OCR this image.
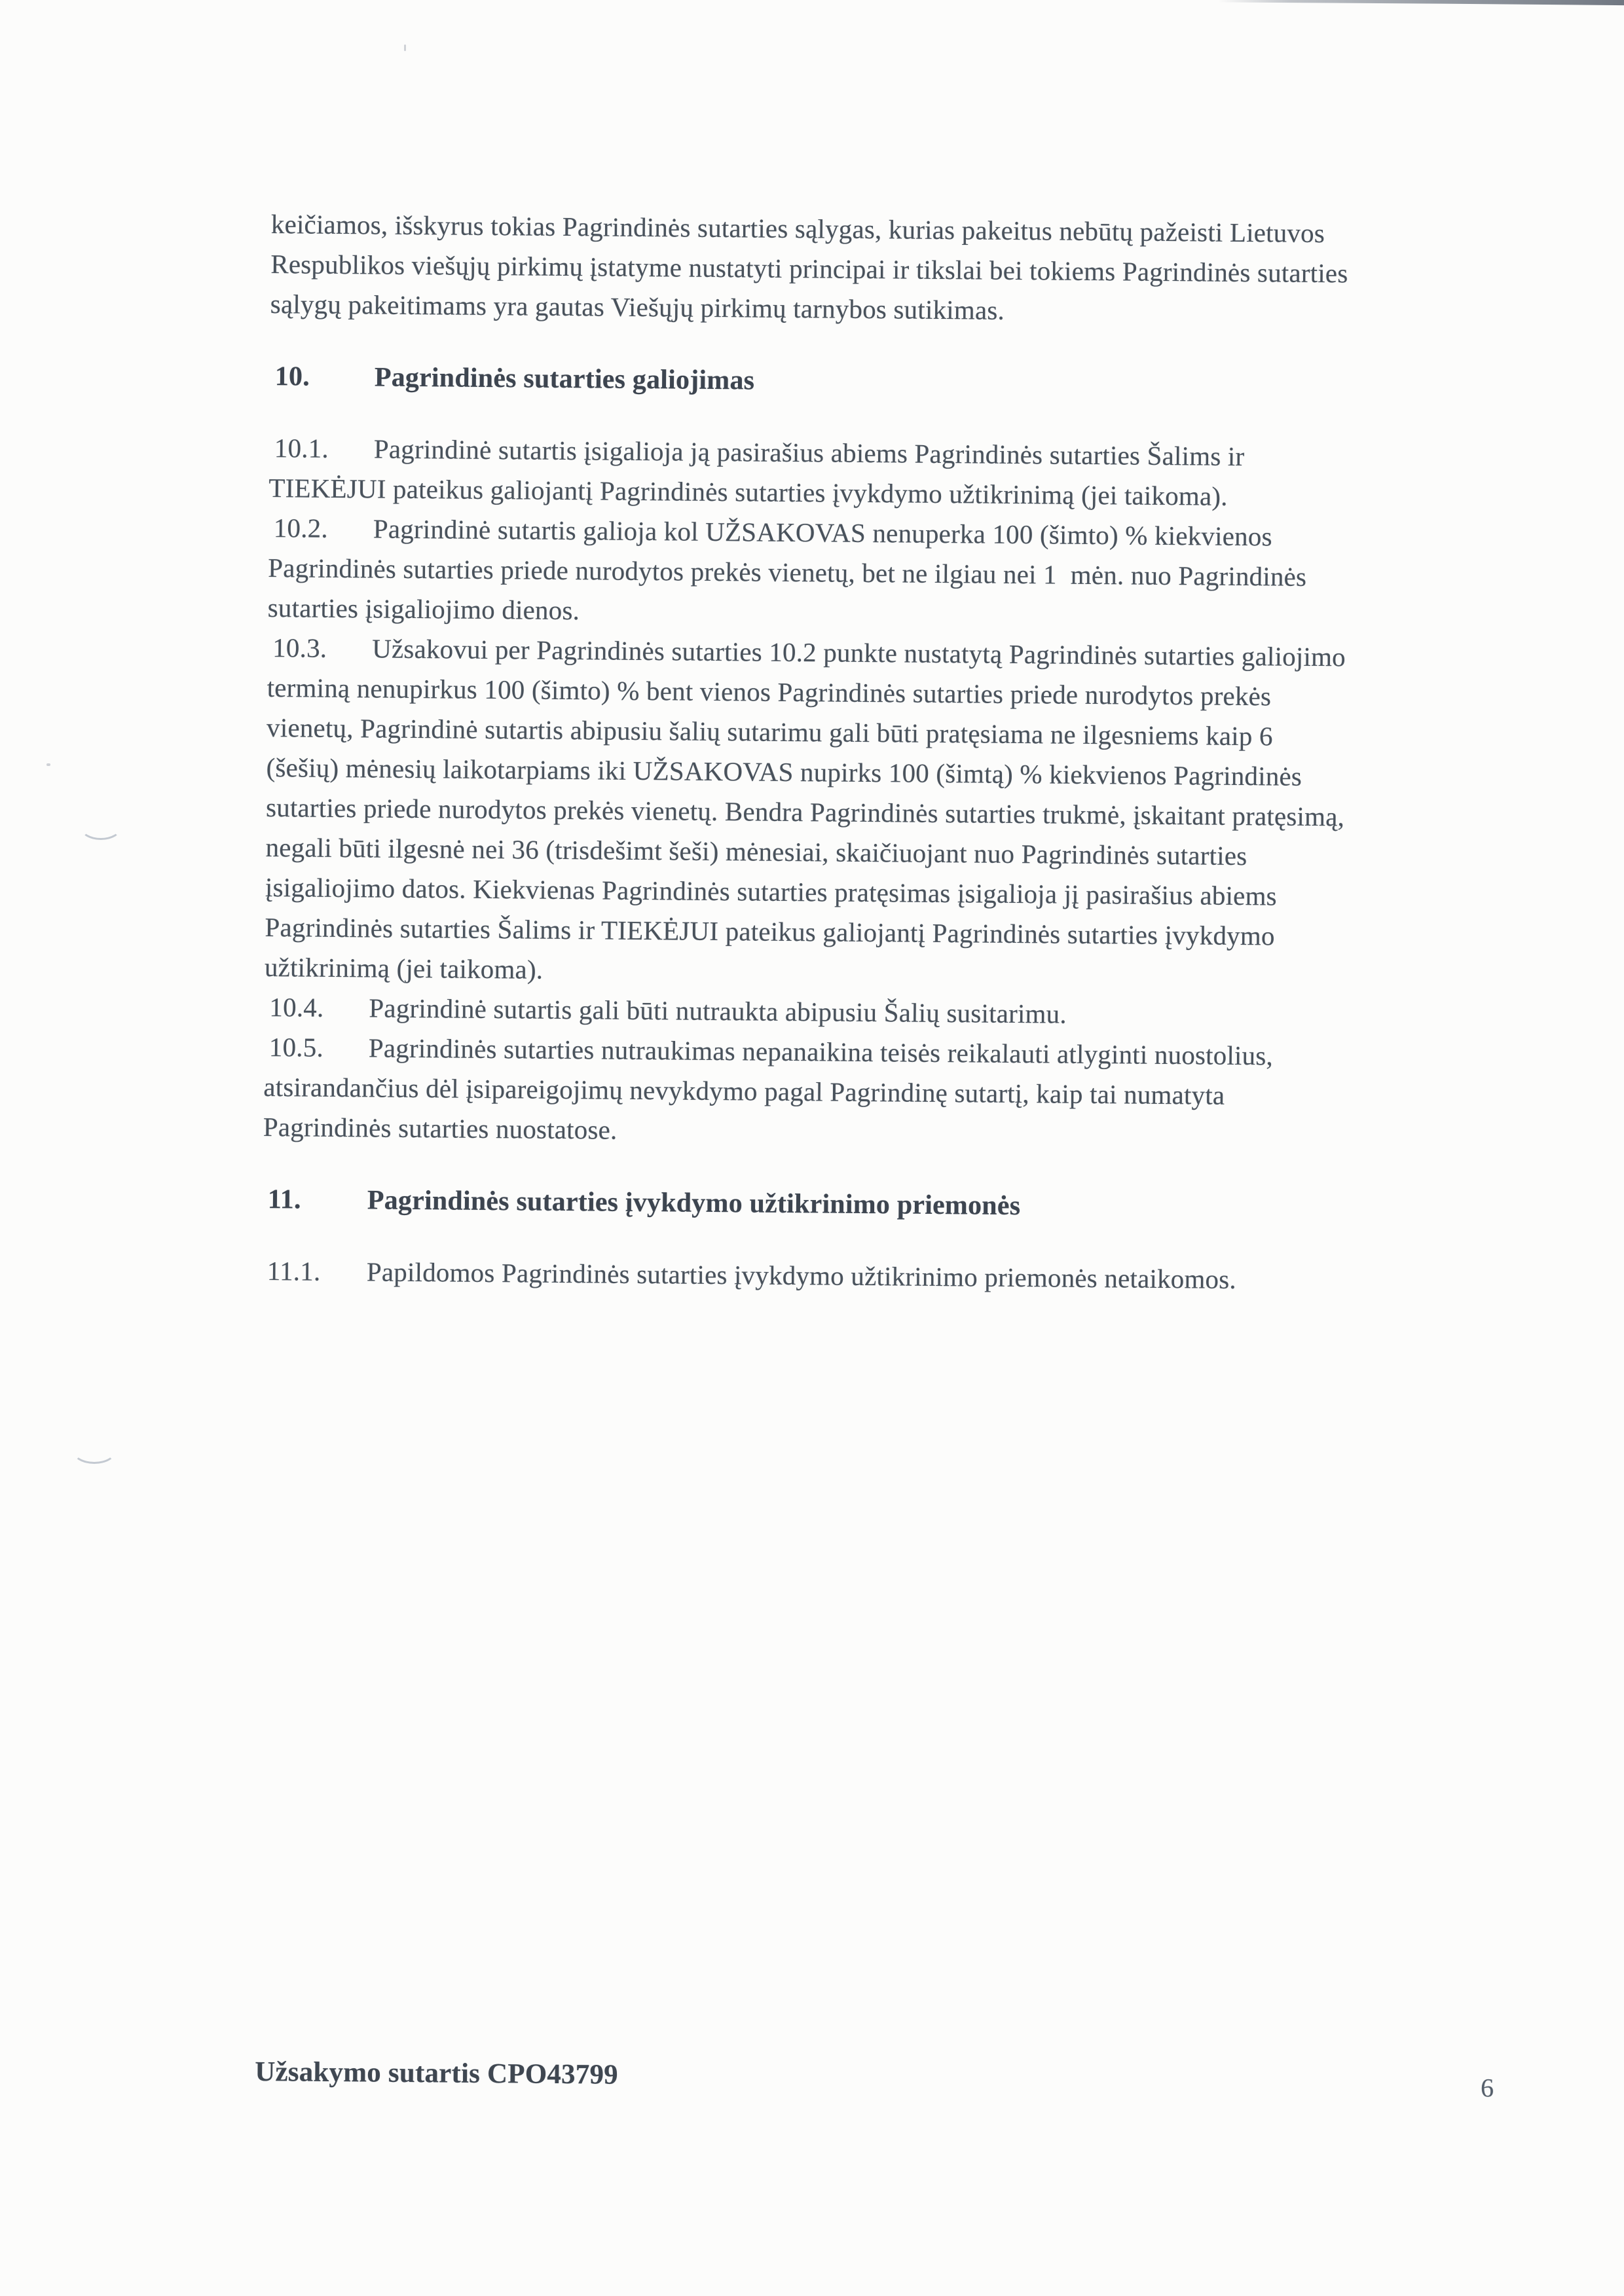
keičiamos, išskyrus tokias Pagrindinės sutarties sąlygas, kurias pakeitus nebūtų pažeisti Lietuvos
Respublikos viešųjų pirkimų įstatyme nustatyti principai ir tikslai bei tokiems Pagrindinės sutarties
sąlygų pakeitimams yra gautas Viešųjų pirkimų tarnybos sutikimas.
10.	Pagrindinės sutarties galiojimas
10.1.	Pagrindinė sutartis įsigalioja ją pasirašius abiems Pagrindinės sutarties Šalims ir
TIEKĖJUI pateikus galiojantį Pagrindinės sutarties įvykdymo užtikrinimą (jei taikoma).
10.2.	Pagrindinė sutartis galioja kol UŽSAKOVAS nenuperka 100 (šimto) % kiekvienos
Pagrindinės sutarties priede nurodytos prekės vienetų, bet ne ilgiau nei 1  mėn. nuo Pagrindinės
sutarties įsigaliojimo dienos.
10.3.	Užsakovui per Pagrindinės sutarties 10.2 punkte nustatytą Pagrindinės sutarties galiojimo
terminą nenupirkus 100 (šimto) % bent vienos Pagrindinės sutarties priede nurodytos prekės
vienetų, Pagrindinė sutartis abipusiu šalių sutarimu gali būti pratęsiama ne ilgesniems kaip 6
(šešių) mėnesių laikotarpiams iki UŽSAKOVAS nupirks 100 (šimtą) % kiekvienos Pagrindinės
sutarties priede nurodytos prekės vienetų. Bendra Pagrindinės sutarties trukmė, įskaitant pratęsimą,
negali būti ilgesnė nei 36 (trisdešimt šeši) mėnesiai, skaičiuojant nuo Pagrindinės sutarties
įsigaliojimo datos. Kiekvienas Pagrindinės sutarties pratęsimas įsigalioja jį pasirašius abiems
Pagrindinės sutarties Šalims ir TIEKĖJUI pateikus galiojantį Pagrindinės sutarties įvykdymo
užtikrinimą (jei taikoma).
10.4.	Pagrindinė sutartis gali būti nutraukta abipusiu Šalių susitarimu.
10.5.	Pagrindinės sutarties nutraukimas nepanaikina teisės reikalauti atlyginti nuostolius,
atsirandančius dėl įsipareigojimų nevykdymo pagal Pagrindinę sutartį, kaip tai numatyta
Pagrindinės sutarties nuostatose.
11.	Pagrindinės sutarties įvykdymo užtikrinimo priemonės
11.1.	Papildomos Pagrindinės sutarties įvykdymo užtikrinimo priemonės netaikomos.
Užsakymo sutartis CPO43799	6
